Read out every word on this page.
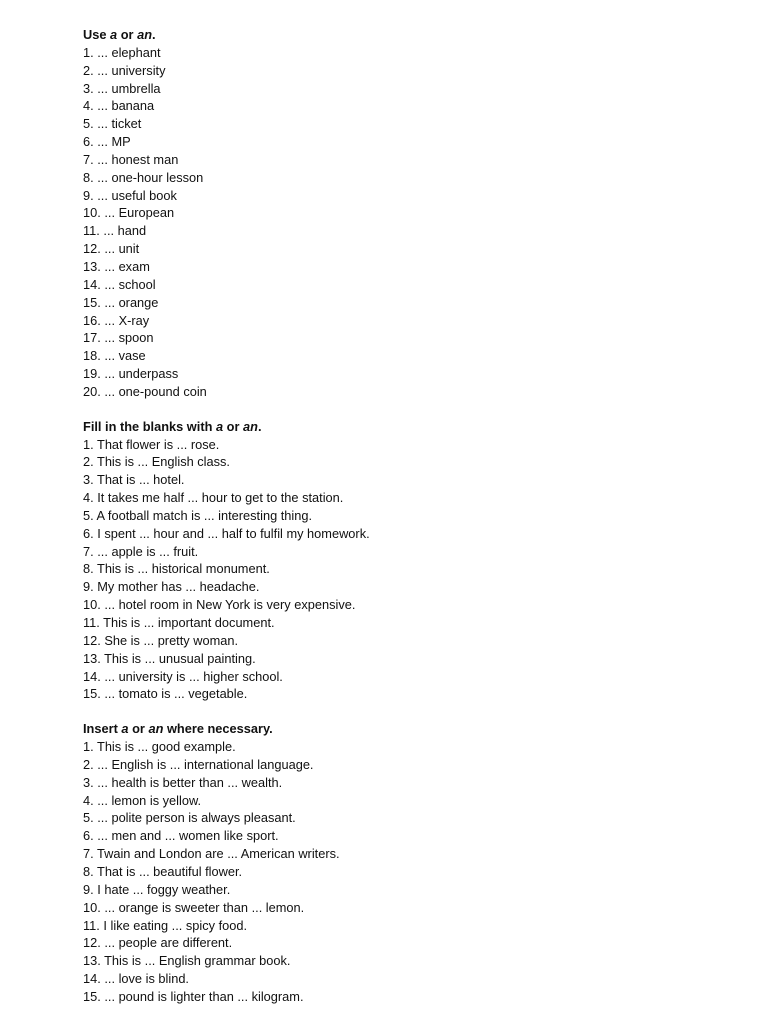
Use a or an.

1. ... elephant

2. ... university

3. ... umbrella

4. ... banana

5. ... ticket

6. ... MP

7. ... honest man

8. ... one-hour lesson

9. ... useful book

10. ... European

11. ... hand

12. ... unit

13. ... exam

14. ... school

15. ... orange

16. ... X-ray

17. ... spoon

18. ... vase

19. ... underpass

20. ... one-pound coin

Fill in the blanks with a or an.

1. That flower is ... rose.

2. This is ... English class.

3. That is ... hotel.

4. It takes me half ... hour to get to the station.

5. A football match is ... interesting thing.

6. I spent ... hour and ... half to fulfil my homework.

7. ... apple is ... fruit.

8. This is ... historical monument.

9. My mother has ... headache.

10. ... hotel room in New York is very expensive.

11. This is ... important document.

12. She is ... pretty woman.

13. This is ... unusual painting.

14. ... university is ... higher school.

15. ... tomato is ... vegetable.

Insert a or an where necessary.

1. This is ... good example.

2. ... English is ... international language.

3. ... health is better than ... wealth.

4. ... lemon is yellow.

5. ... polite person is always pleasant.

6. ... men and ... women like sport.

7. Twain and London are ... American writers.

8. That is ... beautiful flower.

9. I hate ... foggy weather.

10. ... orange is sweeter than ... lemon.

11. I like eating ... spicy food.

12. ... people are different.

13. This is ... English grammar book.

14. ... love is blind.

15. ... pound is lighter than ... kilogram.
